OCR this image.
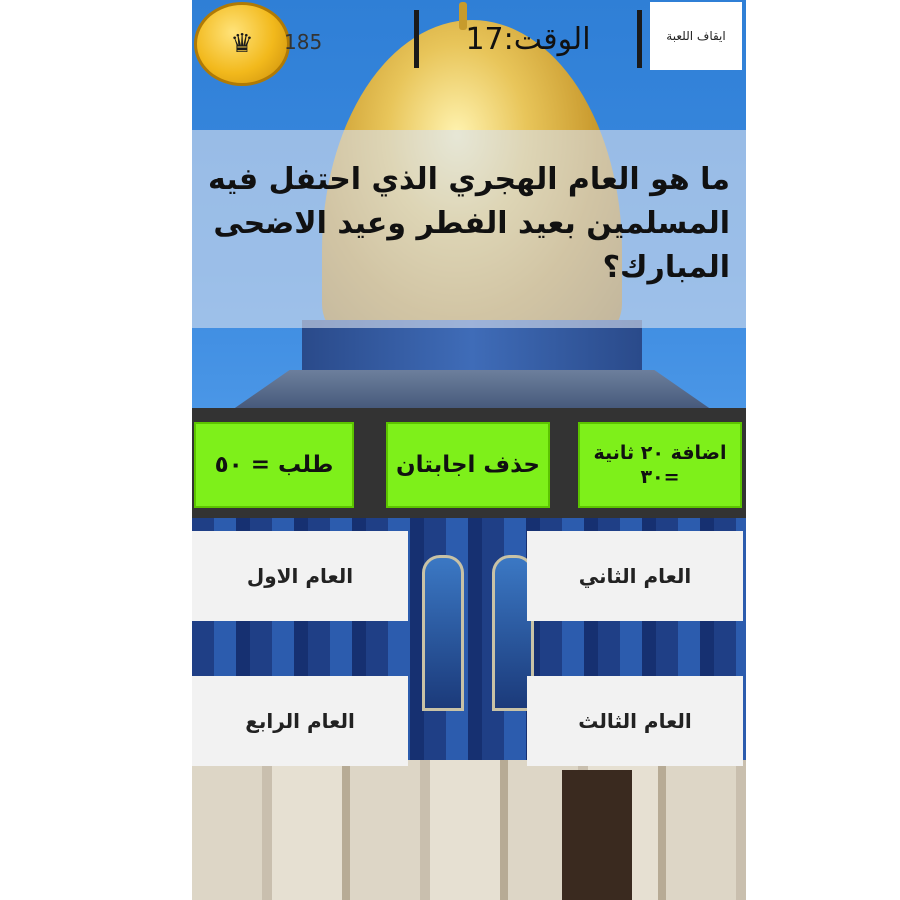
ايقاف اللعبة
الوقت:17
♛ 185
ما هو العام الهجري الذي احتفل فيه المسلمين بعيد الفطر وعيد الاضحى المبارك؟
اضافة ٢٠ ثانية =٣٠
حذف اجابتان
طلب = ٥٠
العام الثاني
العام الاول
العام الثالث
العام الرابع
